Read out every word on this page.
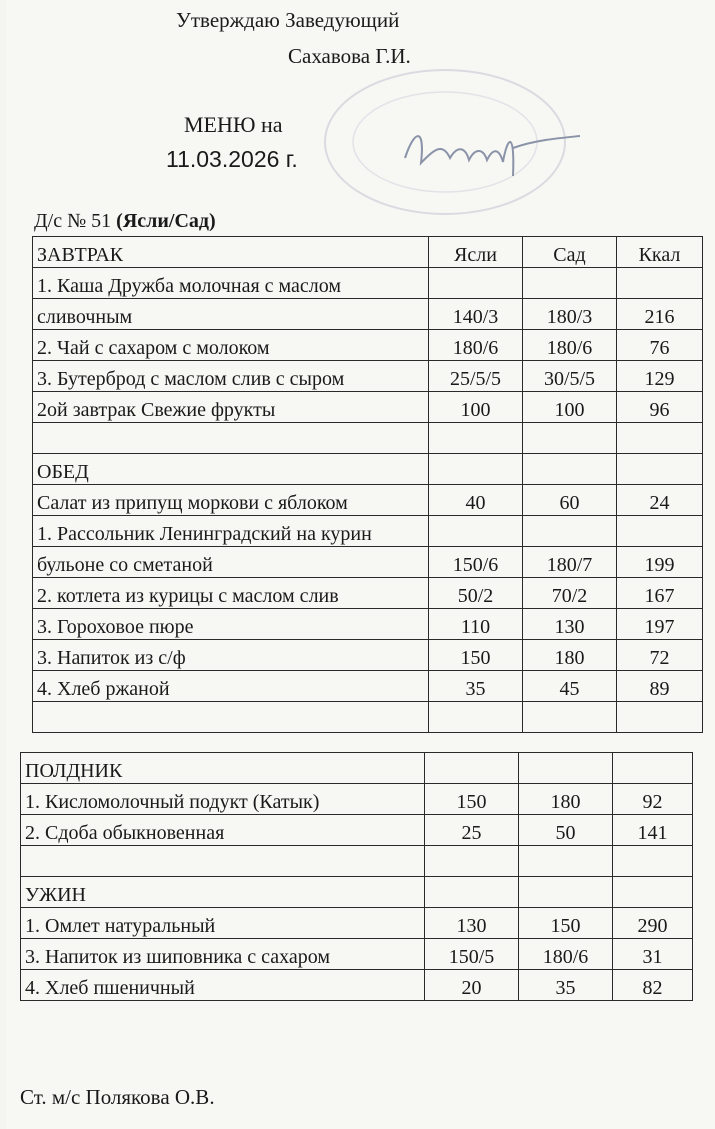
Утверждаю Заведующий
Сахавова Г.И.
МЕНЮ на
11.03.2026 г.
Д/с № 51 (Ясли/Сад)
ЗАВТРАК	Ясли	Сад	Ккал
1. Каша Дружба молочная с маслом			
сливочным	140/3	180/3	216
2. Чай с сахаром с молоком	180/6	180/6	76
3. Бутерброд с маслом слив с сыром	25/5/5	30/5/5	129
2ой завтрак Свежие фрукты	100	100	96

ОБЕД			
Салат из припущ моркови с яблоком	40	60	24
1. Рассольник Ленинградский на курин			
бульоне со сметаной	150/6	180/7	199
2. котлета из курицы с маслом слив	50/2	70/2	167
3. Гороховое пюре	110	130	197
3. Напиток из с/ф	150	180	72
4. Хлеб ржаной	35	45	89

ПОЛДНИК			
1. Кисломолочный подукт (Катык)	150	180	92
2. Сдоба обыкновенная	25	50	141

УЖИН			
1. Омлет натуральный	130	150	290
3. Напиток из шиповника с сахаром	150/5	180/6	31
4. Хлеб пшеничный	20	35	82
Ст. м/с Полякова О.В.
